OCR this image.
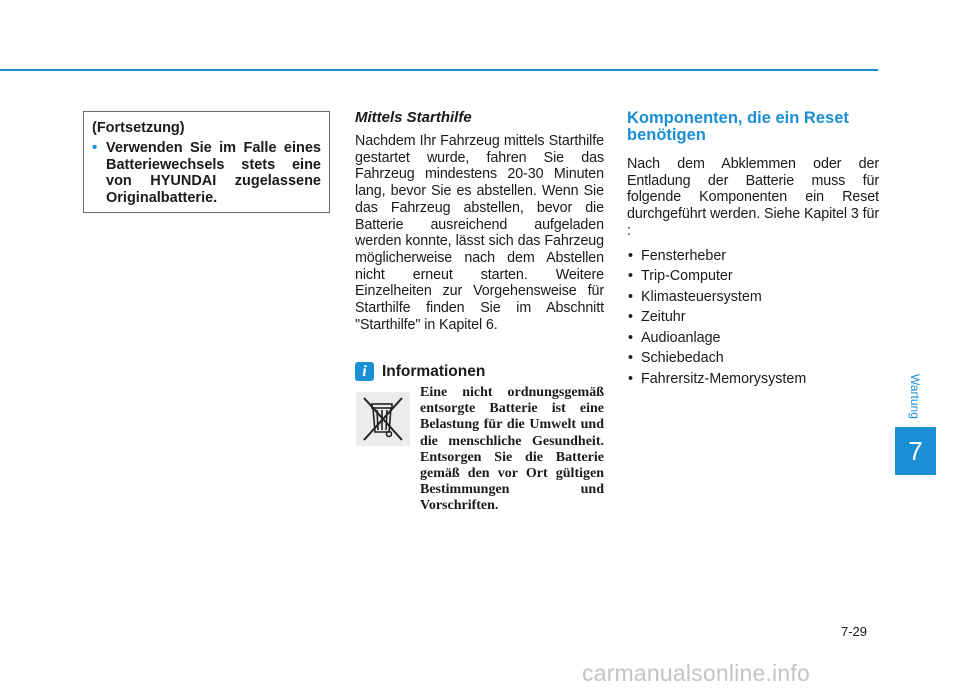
(Fortsetzung)
• Verwenden Sie im Falle eines Batteriewechsels stets eine von HYUNDAI zugelassene Originalbatterie.
Mittels Starthilfe

Nachdem Ihr Fahrzeug mittels Starthilfe gestartet wurde, fahren Sie das Fahrzeug mindestens 20-30 Minuten lang, bevor Sie es abstellen. Wenn Sie das Fahrzeug abstellen, bevor die Batterie ausreichend aufgeladen werden konnte, lässt sich das Fahrzeug möglicherweise nach dem Abstellen nicht erneut starten. Weitere Einzelheiten zur Vorgehensweise für Starthilfe finden Sie im Abschnitt "Starthilfe" in Kapitel 6.

i Informationen

Eine nicht ordnungsgemäß entsorgte Batterie ist eine Belastung für die Umwelt und die menschliche Gesundheit. Entsorgen Sie die Batterie gemäß den vor Ort gültigen Bestimmungen und Vorschriften.

Komponenten, die ein Reset benötigen

Nach dem Abklemmen oder der Entladung der Batterie muss für folgende Komponenten ein Reset durchgeführt werden. Siehe Kapitel 3 für :

• Fensterheber
• Trip-Computer
• Klimasteuersystem
• Zeituhr
• Audioanlage
• Schiebedach
• Fahrersitz-Memorysystem	Wartung
7
7-29
carmanualsonline.info
